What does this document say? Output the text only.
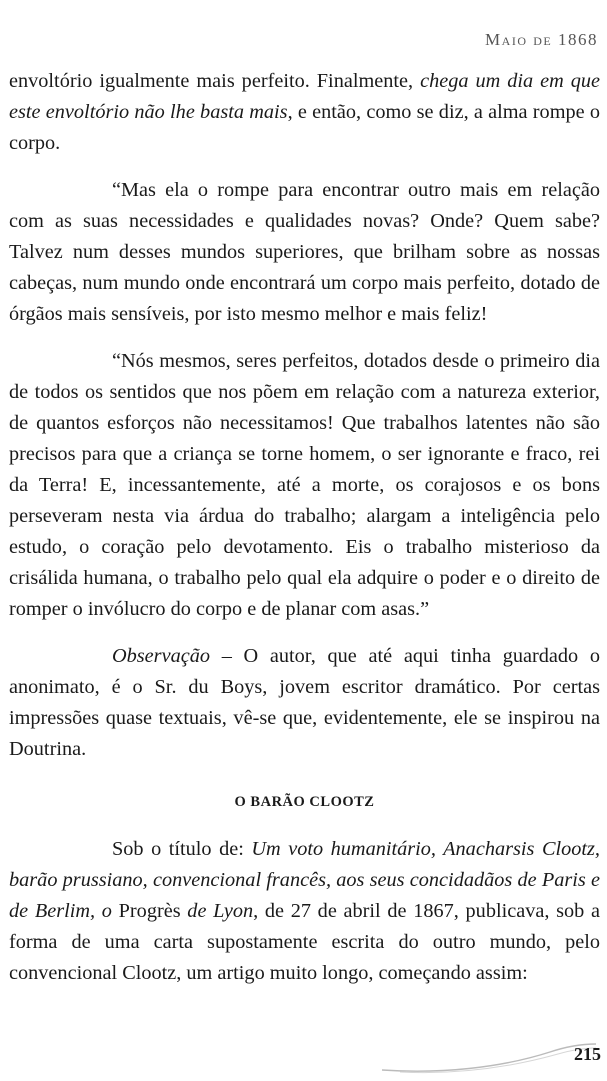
Maio de 1868

envoltório igualmente mais perfeito. Finalmente, chega um dia em que este envoltório não lhe basta mais, e então, como se diz, a alma rompe o corpo.

“Mas ela o rompe para encontrar outro mais em relação com as suas necessidades e qualidades novas? Onde? Quem sabe? Talvez num desses mundos superiores, que brilham sobre as nossas cabeças, num mundo onde encontrará um corpo mais perfeito, dotado de órgãos mais sensíveis, por isto mesmo melhor e mais feliz!

“Nós mesmos, seres perfeitos, dotados desde o primeiro dia de todos os sentidos que nos põem em relação com a natureza exterior, de quantos esforços não necessitamos! Que trabalhos latentes não são precisos para que a criança se torne homem, o ser ignorante e fraco, rei da Terra! E, incessantemente, até a morte, os corajosos e os bons perseveram nesta via árdua do trabalho; alargam a inteligência pelo estudo, o coração pelo devotamento. Eis o trabalho misterioso da crisálida humana, o trabalho pelo qual ela adquire o poder e o direito de romper o invólucro do corpo e de planar com asas.”

Observação – O autor, que até aqui tinha guardado o anonimato, é o Sr. du Boys, jovem escritor dramático. Por certas impressões quase textuais, vê-se que, evidentemente, ele se inspirou na Doutrina.

O BARÃO CLOOTZ

Sob o título de: Um voto humanitário, Anacharsis Clootz, barão prussiano, convencional francês, aos seus concidadãos de Paris e de Berlim, o Progrès de Lyon, de 27 de abril de 1867, publicava, sob a forma de uma carta supostamente escrita do outro mundo, pelo convencional Clootz, um artigo muito longo, começando assim:

215
